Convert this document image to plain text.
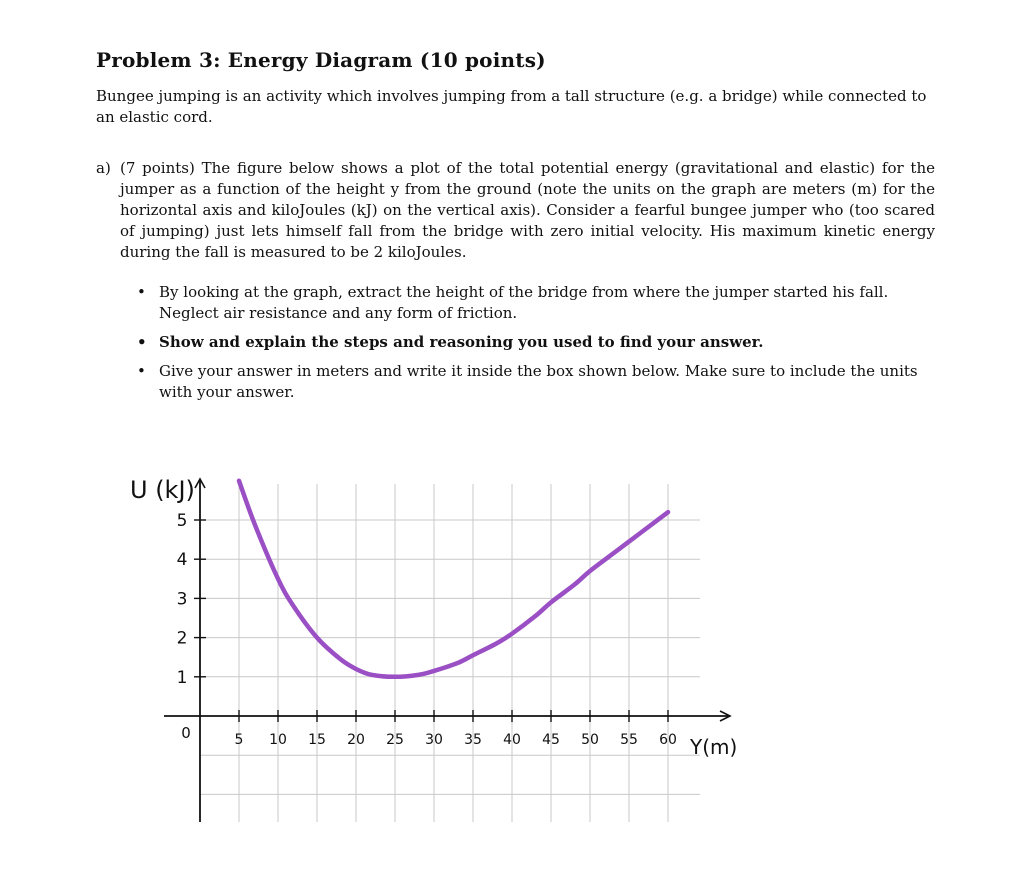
Problem 3: Energy Diagram (10 points)
Bungee jumping is an activity which involves jumping from a tall structure (e.g. a bridge) while connected to an elastic cord.
a) (7 points) The figure below shows a plot of the total potential energy (gravitational and elastic) for the jumper as a function of the height y from the ground (note the units on the graph are meters (m) for the horizontal axis and kiloJoules (kJ) on the vertical axis). Consider a fearful bungee jumper who (too scared of jumping) just lets himself fall from the bridge with zero initial velocity. His maximum kinetic energy during the fall is measured to be 2 kiloJoules.
• By looking at the graph, extract the height of the bridge from where the jumper started his fall. Neglect air resistance and any form of friction.
• Show and explain the steps and reasoning you used to find your answer.
• Give your answer in meters and write it inside the box shown below. Make sure to include the units with your answer.
1
2
3
4
5
5 10 15 20 25 30 35 40 45 50 55 60
0
U (kJ)
Y(m)
